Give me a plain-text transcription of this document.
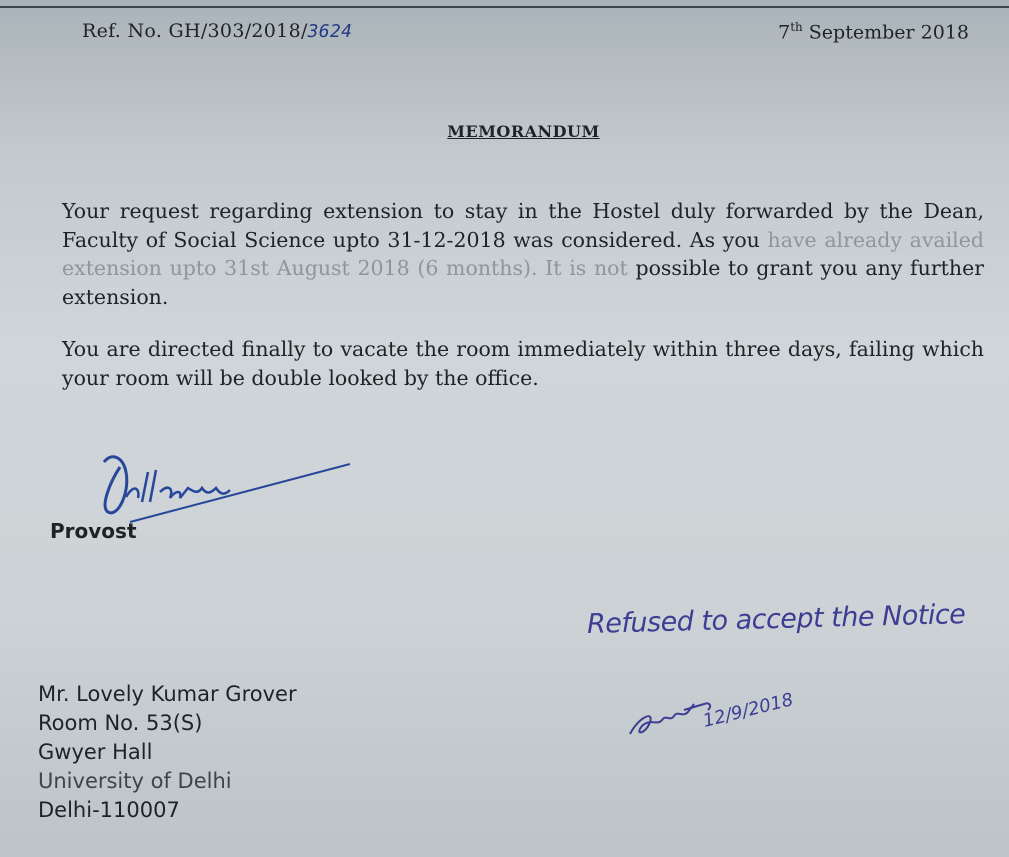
Ref. No. GH/303/2018/3624	7th September 2018
MEMORANDUM
Your request regarding extension to stay in the Hostel duly forwarded by the Dean, Faculty of Social Science upto 31-12-2018 was considered. As you have already availed extension upto 31st August 2018 (6 months). It is not possible to grant you any further extension.
You are directed finally to vacate the room immediately within three days, failing which your room will be double looked by the office.
Provost
Mr. Lovely Kumar Grover
Room No. 53(S)
Gwyer Hall
University of Delhi
Delhi-110007
Refused to accept the Notice
12/9/2018
